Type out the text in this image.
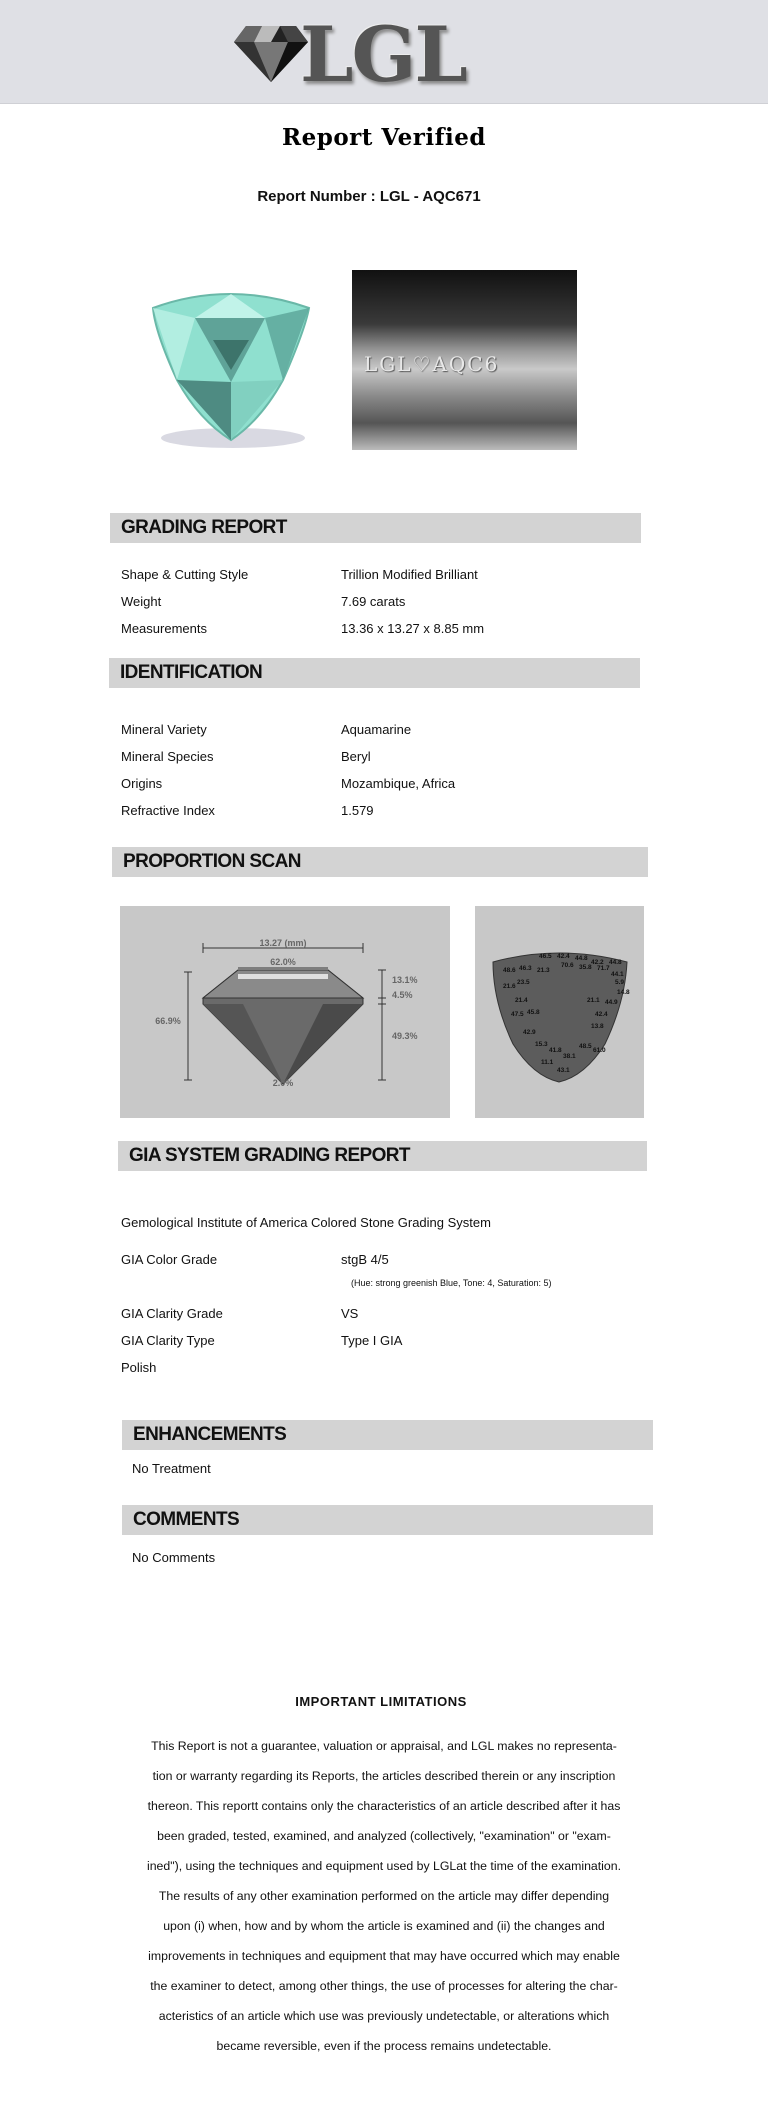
LGL
Report Verified
Report Number : LGL - AQC671
LGL♡AQC6
GRADING REPORT
Shape & Cutting Style	Trillion Modified Brilliant
Weight	7.69 carats
Measurements	13.36 x 13.27 x 8.85 mm
IDENTIFICATION
Mineral Variety	Aquamarine
Mineral Species	Beryl
Origins	Mozambique, Africa
Refractive Index	1.579
PROPORTION SCAN
13.27 (mm)
62.0%
66.9%
13.1%
4.5%
49.3%
2.0%
46.5 42.4 44.8
42.2 44.8
70.6 35.8 71.7
48.6 46.3 21.3
44.1
5.9
21.6
23.5
14.8
21.1
21.4	44.9
47.5 45.8	42.4
13.8
42.9
15.3	48.5
41.8
38.1
61.0
11.1
43.1
GIA SYSTEM GRADING REPORT
Gemological Institute of America Colored Stone Grading System
GIA Color Grade	stgB 4/5
(Hue: strong greenish Blue, Tone: 4, Saturation: 5)
GIA Clarity Grade	VS
GIA Clarity Type	Type I GIA
Polish
ENHANCEMENTS
No Treatment
COMMENTS
No Comments
IMPORTANT LIMITATIONS
This Report is not a guarantee, valuation or appraisal, and LGL makes no representa-
tion or warranty regarding its Reports, the articles described therein or any inscription
thereon. This reportt contains only the characteristics of an article described after it has
been graded, tested, examined, and analyzed (collectively, "examination" or "exam-
ined"), using the techniques and equipment used by LGLat the time of the examination.
The results of any other examination performed on the article may differ depending
upon (i) when, how and by whom the article is examined and (ii) the changes and
improvements in techniques and equipment that may have occurred which may enable
the examiner to detect, among other things, the use of processes for altering the char-
acteristics of an article which use was previously undetectable, or alterations which
became reversible, even if the process remains undetectable.
